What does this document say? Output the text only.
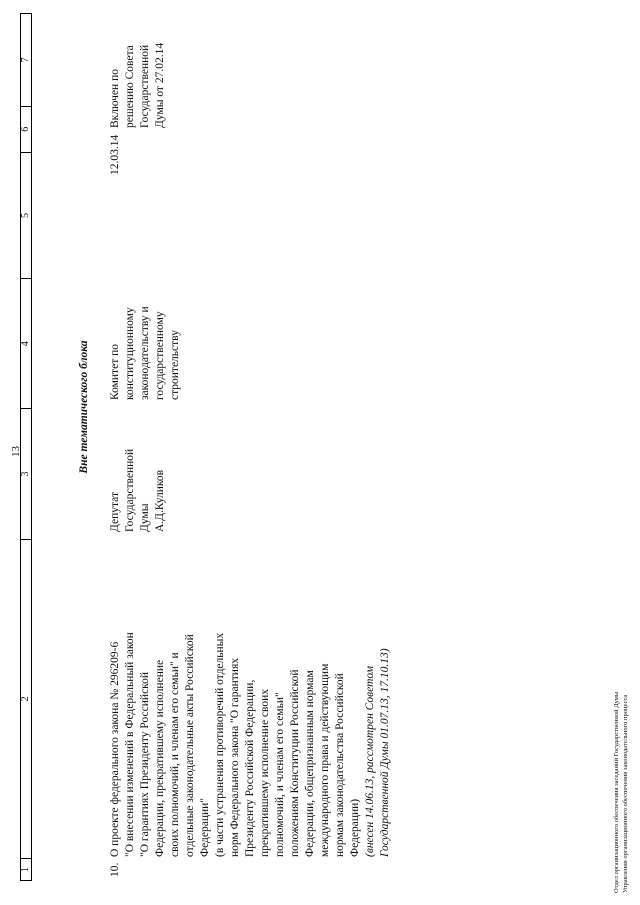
13
1
2
3
4
5
6
7
Вне тематического блока
10.
О проекте федерального закона № 296209-6 "О внесении изменений в Федеральный закон "О гарантиях Президенту Российской Федерации, прекратившему исполнение своих полномочий, и членам его семьи" и отдельные законодательные акты Российской Федерации" (в части устранения противоречий отдельных норм Федерального закона "О гарантиях Президенту Российской Федерации, прекратившему исполнение своих полномочий, и членам его семьи" положениям Конституции Российской Федерации, общепризнанным нормам международного права и действующим нормам законодательства Российской Федерации) (внесен 14.06.13, рассмотрен Советом Государственной Думы 01.07.13, 17.10.13)
Депутат Государственной Думы А.Д.Куликов
Комитет по конституционному законодательству и государственному строительству
12.03.14
Включен по решению Совета Государственной Думы от 27.02.14
Отдел организационного обеспечения заседаний Государственной Думы Управления организационного обеспечения законодательного процесса
